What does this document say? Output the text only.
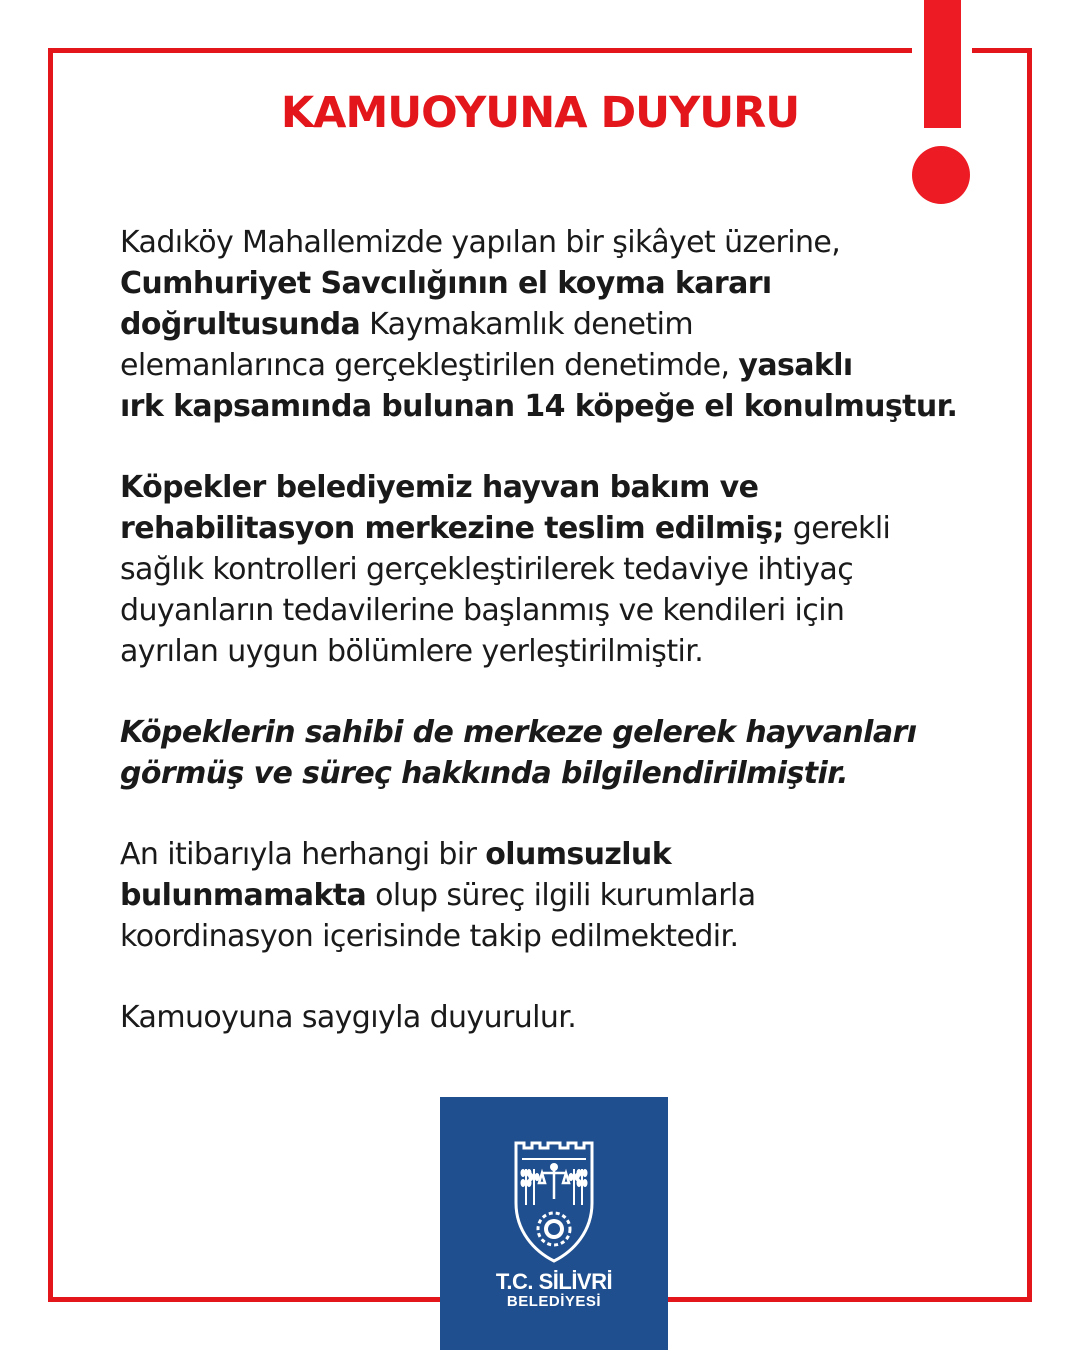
KAMUOYUNA DUYURU

Kadıköy Mahallemizde yapılan bir şikâyet üzerine,
Cumhuriyet Savcılığının el koyma kararı
doğrultusunda Kaymakamlık denetim
elemanlarınca gerçekleştirilen denetimde, yasaklı
ırk kapsamında bulunan 14 köpeğe el konulmuştur.

Köpekler belediyemiz hayvan bakım ve
rehabilitasyon merkezine teslim edilmiş; gerekli
sağlık kontrolleri gerçekleştirilerek tedaviye ihtiyaç
duyanların tedavilerine başlanmış ve kendileri için
ayrılan uygun bölümlere yerleştirilmiştir.

Köpeklerin sahibi de merkeze gelerek hayvanları
görmüş ve süreç hakkında bilgilendirilmiştir.

An itibarıyla herhangi bir olumsuzluk
bulunmamakta olup süreç ilgili kurumlarla
koordinasyon içerisinde takip edilmektedir.

Kamuoyuna saygıyla duyurulur.

T.C. SİLİVRİ
BELEDİYESİ
